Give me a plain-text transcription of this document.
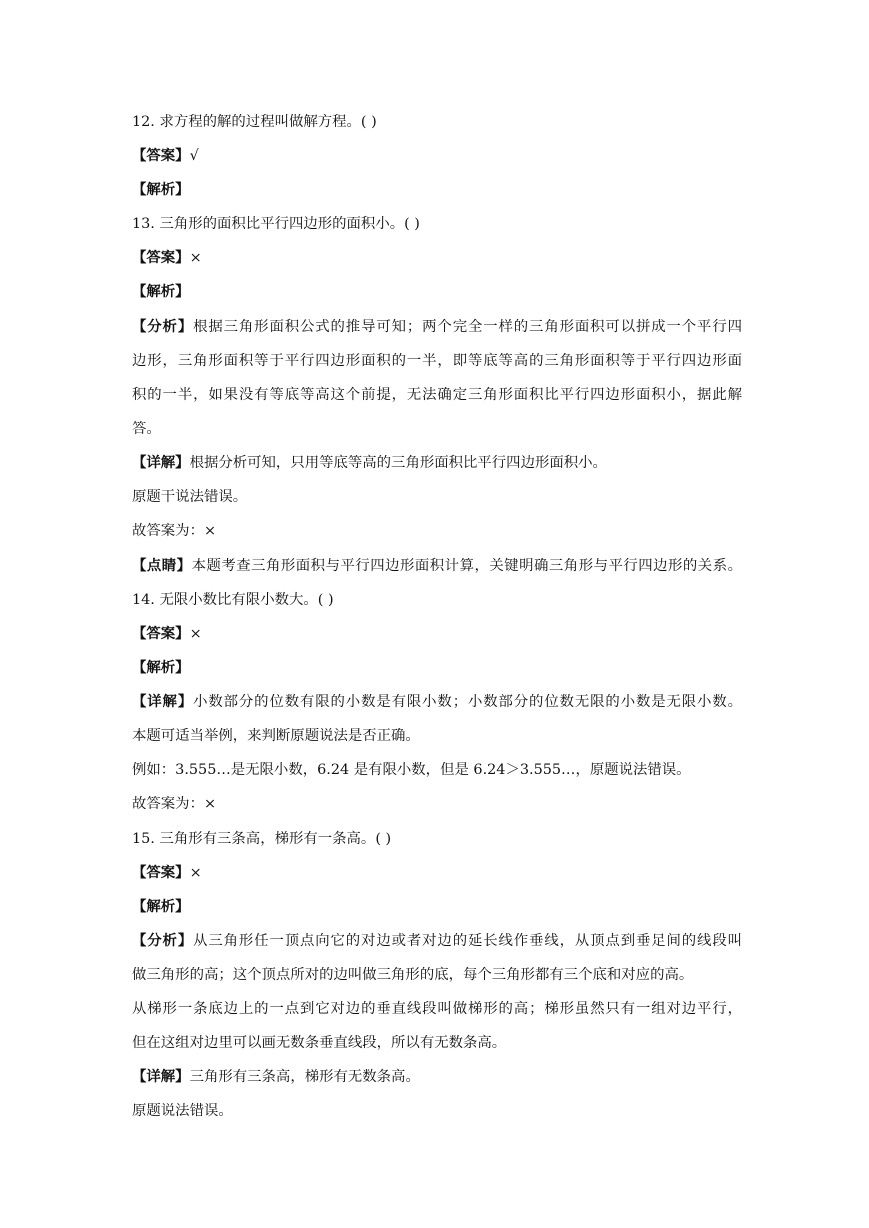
12. 求方程的解的过程叫做解方程。( )
【答案】√
【解析】
13. 三角形的面积比平行四边形的面积小。( )
【答案】×
【解析】
【分析】根据三角形面积公式的推导可知；两个完全一样的三角形面积可以拼成一个平行四
边形，三角形面积等于平行四边形面积的一半，即等底等高的三角形面积等于平行四边形面
积的一半，如果没有等底等高这个前提，无法确定三角形面积比平行四边形面积小，据此解
答。
【详解】根据分析可知，只用等底等高的三角形面积比平行四边形面积小。
原题干说法错误。
故答案为：×
【点睛】本题考查三角形面积与平行四边形面积计算，关键明确三角形与平行四边形的关系。
14. 无限小数比有限小数大。( )
【答案】×
【解析】
【详解】小数部分的位数有限的小数是有限小数；小数部分的位数无限的小数是无限小数。
本题可适当举例，来判断原题说法是否正确。
例如：3.555…是无限小数，6.24 是有限小数，但是 6.24＞3.555…，原题说法错误。
故答案为：×
15. 三角形有三条高，梯形有一条高。( )
【答案】×
【解析】
【分析】从三角形任一顶点向它的对边或者对边的延长线作垂线，从顶点到垂足间的线段叫
做三角形的高；这个顶点所对的边叫做三角形的底，每个三角形都有三个底和对应的高。
从梯形一条底边上的一点到它对边的垂直线段叫做梯形的高；梯形虽然只有一组对边平行，
但在这组对边里可以画无数条垂直线段，所以有无数条高。
【详解】三角形有三条高，梯形有无数条高。
原题说法错误。
